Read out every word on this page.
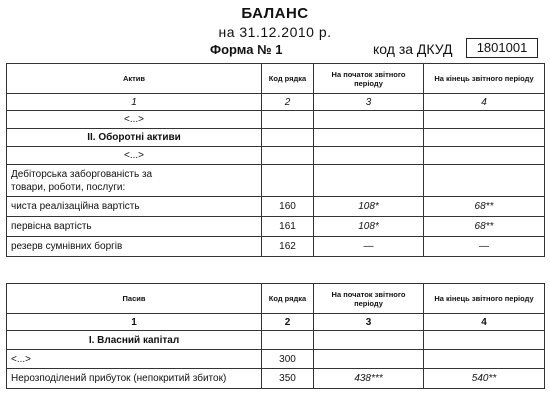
БАЛАНС
на 31.12.2010 р.
Форма № 1	код за ДКУД	1801001
Актив	Код рядка	На початок звітного періоду	На кінець звітного періоду
1	2	3	4
<...>			
II. Оборотні активи			
<...>			
Дебіторська заборгованість за товари, роботи, послуги:			
чиста реалізаційна вартість	160	108*	68**
первісна вартість	161	108*	68**
резерв сумнівних боргів	162	—	—
Пасив	Код рядка	На початок звітного періоду	На кінець звітного періоду
1	2	3	4
I. Власний капітал			
<...>	300		
Нерозподілений прибуток (непокритий збиток)	350	438***	540**
